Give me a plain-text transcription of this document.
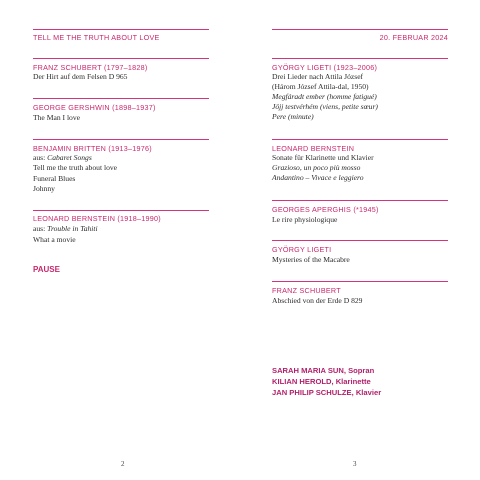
TELL ME THE TRUTH ABOUT LOVE
FRANZ SCHUBERT (1797–1828)
Der Hirt auf dem Felsen D 965
GEORGE GERSHWIN (1898–1937)
The Man I love
BENJAMIN BRITTEN (1913–1976)
aus: Cabaret Songs
Tell me the truth about love
Funeral Blues
Johnny
LEONARD BERNSTEIN (1918–1990)
aus: Trouble in Tahiti
What a movie
PAUSE
2
20. FEBRUAR 2024
GYÖRGY LIGETI (1923–2006)
Drei Lieder nach Attila József
(Három József Attila-dal, 1950)
Megfáradt ember (homme fatigué)
Jöjj testvérhém (viens, petite sœur)
Pere (minute)
LEONARD BERNSTEIN
Sonate für Klarinette und Klavier
Grazioso, un poco più mosso
Andantino – Vivace e leggiero
GEORGES APERGHIS (*1945)
Le rire physiologique
GYÖRGY LIGETI
Mysteries of the Macabre
FRANZ SCHUBERT
Abschied von der Erde D 829
SARAH MARIA SUN, Sopran
KILIAN HEROLD, Klarinette
JAN PHILIP SCHULZE, Klavier
3
